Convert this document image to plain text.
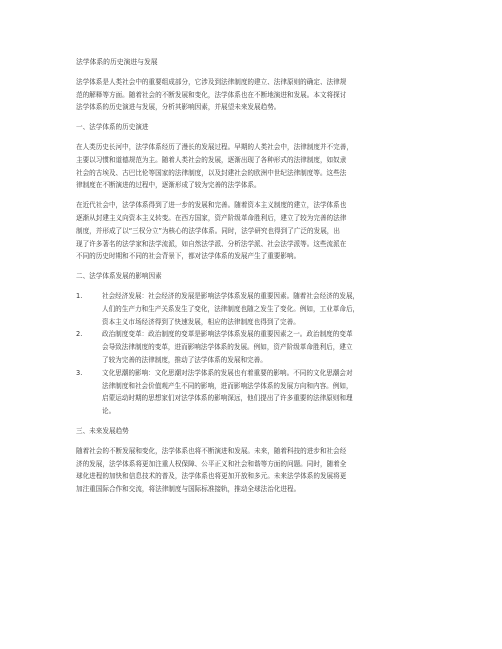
法学体系的历史演进与发展
法学体系是人类社会中的重要组成部分，它涉及到法律制度的建立、法律原则的确定、法律规
范的解释等方面。随着社会的不断发展和变化，法学体系也在不断地演进和发展。本文将探讨
法学体系的历史演进与发展，分析其影响因素，并展望未来发展趋势。
一、法学体系的历史演进
在人类历史长河中，法学体系经历了漫长的发展过程。早期的人类社会中，法律制度并不完善，
主要以习惯和道德规范为主。随着人类社会的发展，逐渐出现了各种形式的法律制度，如奴隶
社会的古埃及、古巴比伦等国家的法律制度，以及封建社会的欧洲中世纪法律制度等。这些法
律制度在不断演进的过程中，逐渐形成了较为完善的法学体系。
在近代社会中，法学体系得到了进一步的发展和完善。随着资本主义制度的建立，法学体系也
逐渐从封建主义向资本主义转变。在西方国家，资产阶级革命胜利后，建立了较为完善的法律
制度，并形成了以“三权分立”为核心的法学体系。同时，法学研究也得到了广泛的发展，出
现了许多著名的法学家和法学流派，如自然法学派、分析法学派、社会法学派等。这些流派在
不同的历史时期和不同的社会背景下，都对法学体系的发展产生了重要影响。
二、法学体系发展的影响因素
1.	社会经济发展：社会经济的发展是影响法学体系发展的重要因素。随着社会经济的发展，
人们的生产力和生产关系发生了变化，法律制度也随之发生了变化。例如，工业革命后，
资本主义市场经济得到了快速发展，相应的法律制度也得到了完善。
2.	政治制度变革：政治制度的变革是影响法学体系发展的重要因素之一。政治制度的变革
会导致法律制度的变革，进而影响法学体系的发展。例如，资产阶级革命胜利后，建立
了较为完善的法律制度，推动了法学体系的发展和完善。
3.	文化思潮的影响：文化思潮对法学体系的发展也有着重要的影响。不同的文化思潮会对
法律制度和社会价值观产生不同的影响，进而影响法学体系的发展方向和内容。例如，
启蒙运动时期的思想家们对法学体系的影响深远，他们提出了许多重要的法律原则和理
论。
三、未来发展趋势
随着社会的不断发展和变化，法学体系也将不断演进和发展。未来，随着科技的进步和社会经
济的发展，法学体系将更加注重人权保障、公平正义和社会和谐等方面的问题。同时，随着全
球化进程的加快和信息技术的普及，法学体系也将更加开放和多元。未来法学体系的发展将更
加注重国际合作和交流，将法律制度与国际标准接轨，推动全球法治化进程。
